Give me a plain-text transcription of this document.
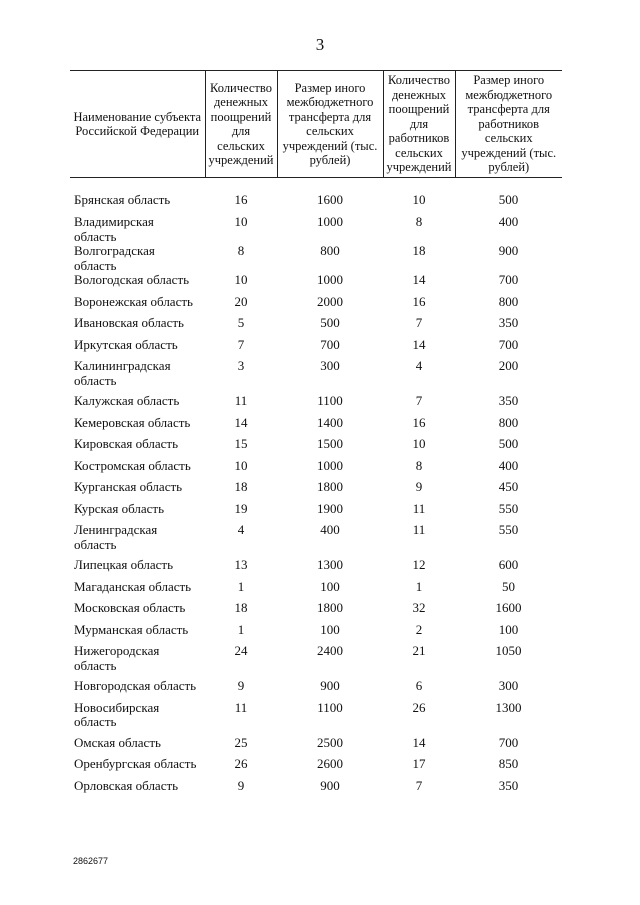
3
Наименование субъекта Российской Федерации	Количество денежных поощрений для сельских учреждений	Размер иного межбюджетного трансферта для сельских учреждений (тыс. рублей)	Количество денежных поощрений для работников сельских учреждений	Размер иного межбюджетного трансферта для работников сельских учреждений (тыс. рублей)
Брянская область	16	1600	10	500
Владимирская область	10	1000	8	400
Волгоградская область	8	800	18	900
Вологодская область	10	1000	14	700
Воронежская область	20	2000	16	800
Ивановская область	5	500	7	350
Иркутская область	7	700	14	700
Калининградская область	3	300	4	200
Калужская область	11	1100	7	350
Кемеровская область	14	1400	16	800
Кировская область	15	1500	10	500
Костромская область	10	1000	8	400
Курганская область	18	1800	9	450
Курская область	19	1900	11	550
Ленинградская область	4	400	11	550
Липецкая область	13	1300	12	600
Магаданская область	1	100	1	50
Московская область	18	1800	32	1600
Мурманская область	1	100	2	100
Нижегородская область	24	2400	21	1050
Новгородская область	9	900	6	300
Новосибирская область	11	1100	26	1300
Омская область	25	2500	14	700
Оренбургская область	26	2600	17	850
Орловская область	9	900	7	350
2862677
